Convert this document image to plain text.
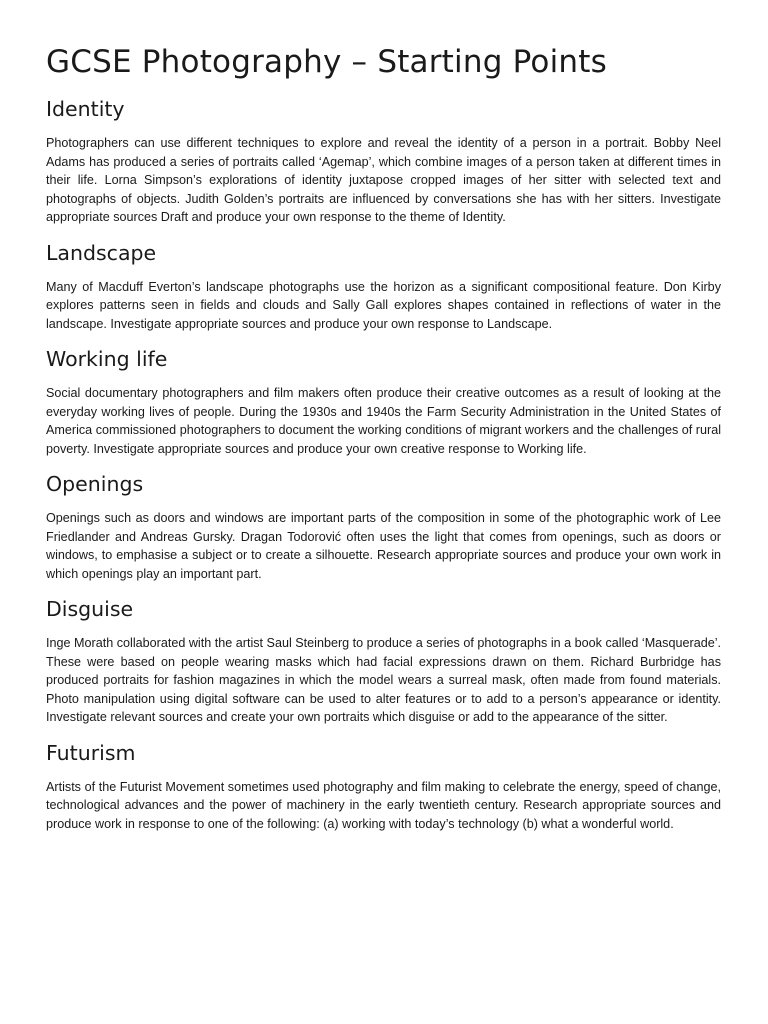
GCSE Photography – Starting Points
Identity

Photographers can use different techniques to explore and reveal the identity of a person in a portrait. Bobby Neel Adams has produced a series of portraits called ‘Agemap’, which combine images of a person taken at different times in their life. Lorna Simpson’s explorations of identity juxtapose cropped images of her sitter with selected text and photographs of objects. Judith Golden’s portraits are influenced by conversations she has with her sitters. Investigate appropriate sources Draft and produce your own response to the theme of Identity.

Landscape

Many of Macduff Everton’s landscape photographs use the horizon as a significant compositional feature. Don Kirby explores patterns seen in fields and clouds and Sally Gall explores shapes contained in reflections of water in the landscape. Investigate appropriate sources and produce your own response to Landscape.

Working life

Social documentary photographers and film makers often produce their creative outcomes as a result of looking at the everyday working lives of people. During the 1930s and 1940s the Farm Security Administration in the United States of America commissioned photographers to document the working conditions of migrant workers and the challenges of rural poverty. Investigate appropriate sources and produce your own creative response to Working life.

Openings

Openings such as doors and windows are important parts of the composition in some of the photographic work of Lee Friedlander and Andreas Gursky. Dragan Todorović often uses the light that comes from openings, such as doors or windows, to emphasise a subject or to create a silhouette. Research appropriate sources and produce your own work in which openings play an important part.

Disguise

Inge Morath collaborated with the artist Saul Steinberg to produce a series of photographs in a book called ‘Masquerade’. These were based on people wearing masks which had facial expressions drawn on them. Richard Burbridge has produced portraits for fashion magazines in which the model wears a surreal mask, often made from found materials. Photo manipulation using digital software can be used to alter features or to add to a person’s appearance or identity. Investigate relevant sources and create your own portraits which disguise or add to the appearance of the sitter.

Futurism

Artists of the Futurist Movement sometimes used photography and film making to celebrate the energy, speed of change, technological advances and the power of machinery in the early twentieth century. Research appropriate sources and produce work in response to one of the following: (a) working with today’s technology (b) what a wonderful world.
